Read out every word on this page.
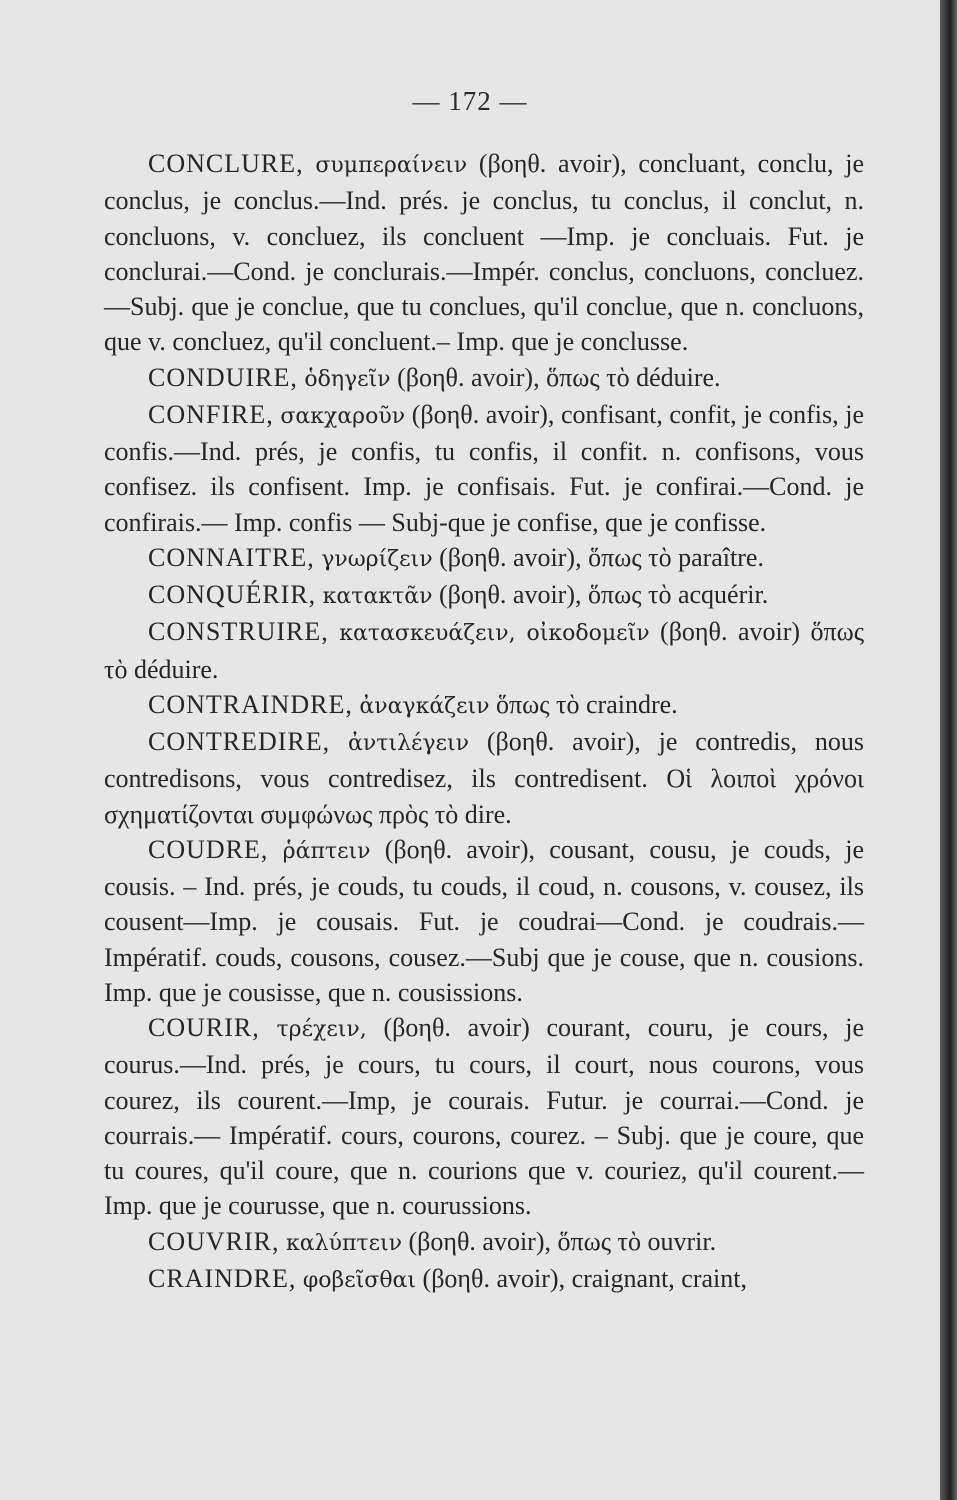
— 172 —

CONCLURE, συμπεραίνειν (βοηθ. avoir), concluant, conclu, je conclus, je conclus.—Ind. prés. je conclus, tu conclus, il conclut, n. concluons, v. concluez, ils concluent —Imp. je concluais. Fut. je conclurai.—Cond. je conclurais.—Impér. conclus, concluons, concluez.—Subj. que je conclue, que tu conclues, qu'il conclue, que n. concluons, que v. concluez, qu'il concluent.– Imp. que je conclusse.

CONDUIRE, ὁδηγεῖν (βοηθ. avoir), ὅπως τὸ déduire.

CONFIRE, σακχαροῦν (βοηθ. avoir), confisant, confit, je confis, je confis.—Ind. prés, je confis, tu confis, il confit. n. confisons, vous confisez. ils confisent. Imp. je confisais. Fut. je confirai.—Cond. je confirais.— Imp. confis — Subj-que je confise, que je confisse.

CONNAITRE, γνωρίζειν (βοηθ. avoir), ὅπως τὸ paraître.

CONQUÉRIR, κατακτᾶν (βοηθ. avoir), ὅπως τὸ acquérir.

CONSTRUIRE, κατασκευάζειν, οἰκοδομεῖν (βοηθ. avoir) ὅπως τὸ déduire.

CONTRAINDRE, ἀναγκάζειν ὅπως τὸ craindre.

CONTREDIRE, ἀντιλέγειν (βοηθ. avoir), je contredis, nous contredisons, vous contredisez, ils contredisent. Οἱ λοιποὶ χρόνοι σχηματίζονται συμφώνως πρὸς τὸ dire.

COUDRE, ῥάπτειν (βοηθ. avoir), cousant, cousu, je couds, je cousis. – Ind. prés, je couds, tu couds, il coud, n. cousons, v. cousez, ils cousent—Imp. je cousais. Fut. je coudrai—Cond. je coudrais.—Impératif. couds, cousons, cousez.—Subj que je couse, que n. cousions. Imp. que je cousisse, que n. cousissions.

COURIR, τρέχειν, (βοηθ. avoir) courant, couru, je cours, je courus.—Ind. prés, je cours, tu cours, il court, nous courons, vous courez, ils courent.—Imp, je courais. Futur. je courrai.—Cond. je courrais.— Impératif. cours, courons, courez. – Subj. que je coure, que tu coures, qu'il coure, que n. courions que v. couriez, qu'il courent.— Imp. que je courusse, que n. courussions.

COUVRIR, καλύπτειν (βοηθ. avoir), ὅπως τὸ ouvrir.

CRAINDRE, φοβεῖσθαι (βοηθ. avoir), craignant, craint,
